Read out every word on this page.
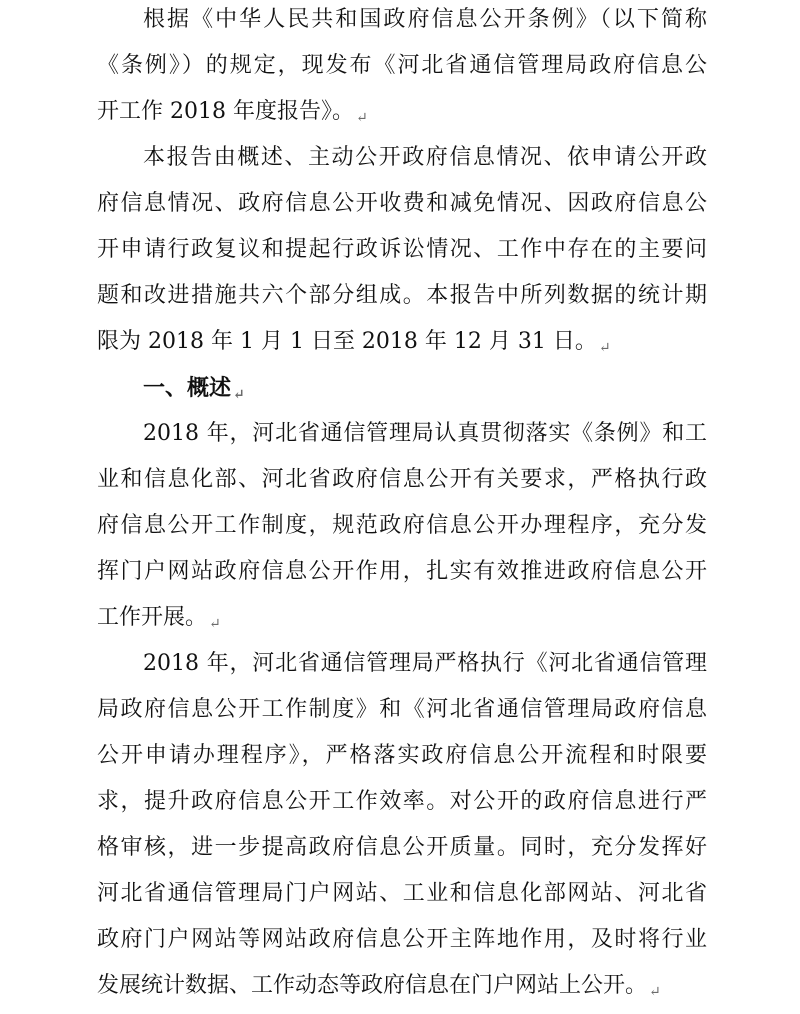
根据《中华人民共和国政府信息公开条例》（以下简称
《条例》）的规定，现发布《河北省通信管理局政府信息公
开工作 2018 年度报告》。 ↵
本报告由概述、主动公开政府信息情况、依申请公开政
府信息情况、政府信息公开收费和减免情况、因政府信息公
开申请行政复议和提起行政诉讼情况、工作中存在的主要问
题和改进措施共六个部分组成。本报告中所列数据的统计期
限为 2018 年 1 月 1 日至 2018 年 12 月 31 日。 ↵
一、概述 ↵
2018 年，河北省通信管理局认真贯彻落实《条例》和工
业和信息化部、河北省政府信息公开有关要求，严格执行政
府信息公开工作制度，规范政府信息公开办理程序，充分发
挥门户网站政府信息公开作用，扎实有效推进政府信息公开
工作开展。 ↵
2018 年，河北省通信管理局严格执行《河北省通信管理
局政府信息公开工作制度》和《河北省通信管理局政府信息
公开申请办理程序》，严格落实政府信息公开流程和时限要
求，提升政府信息公开工作效率。对公开的政府信息进行严
格审核，进一步提高政府信息公开质量。同时，充分发挥好
河北省通信管理局门户网站、工业和信息化部网站、河北省
政府门户网站等网站政府信息公开主阵地作用，及时将行业
发展统计数据、工作动态等政府信息在门户网站上公开。 ↵
